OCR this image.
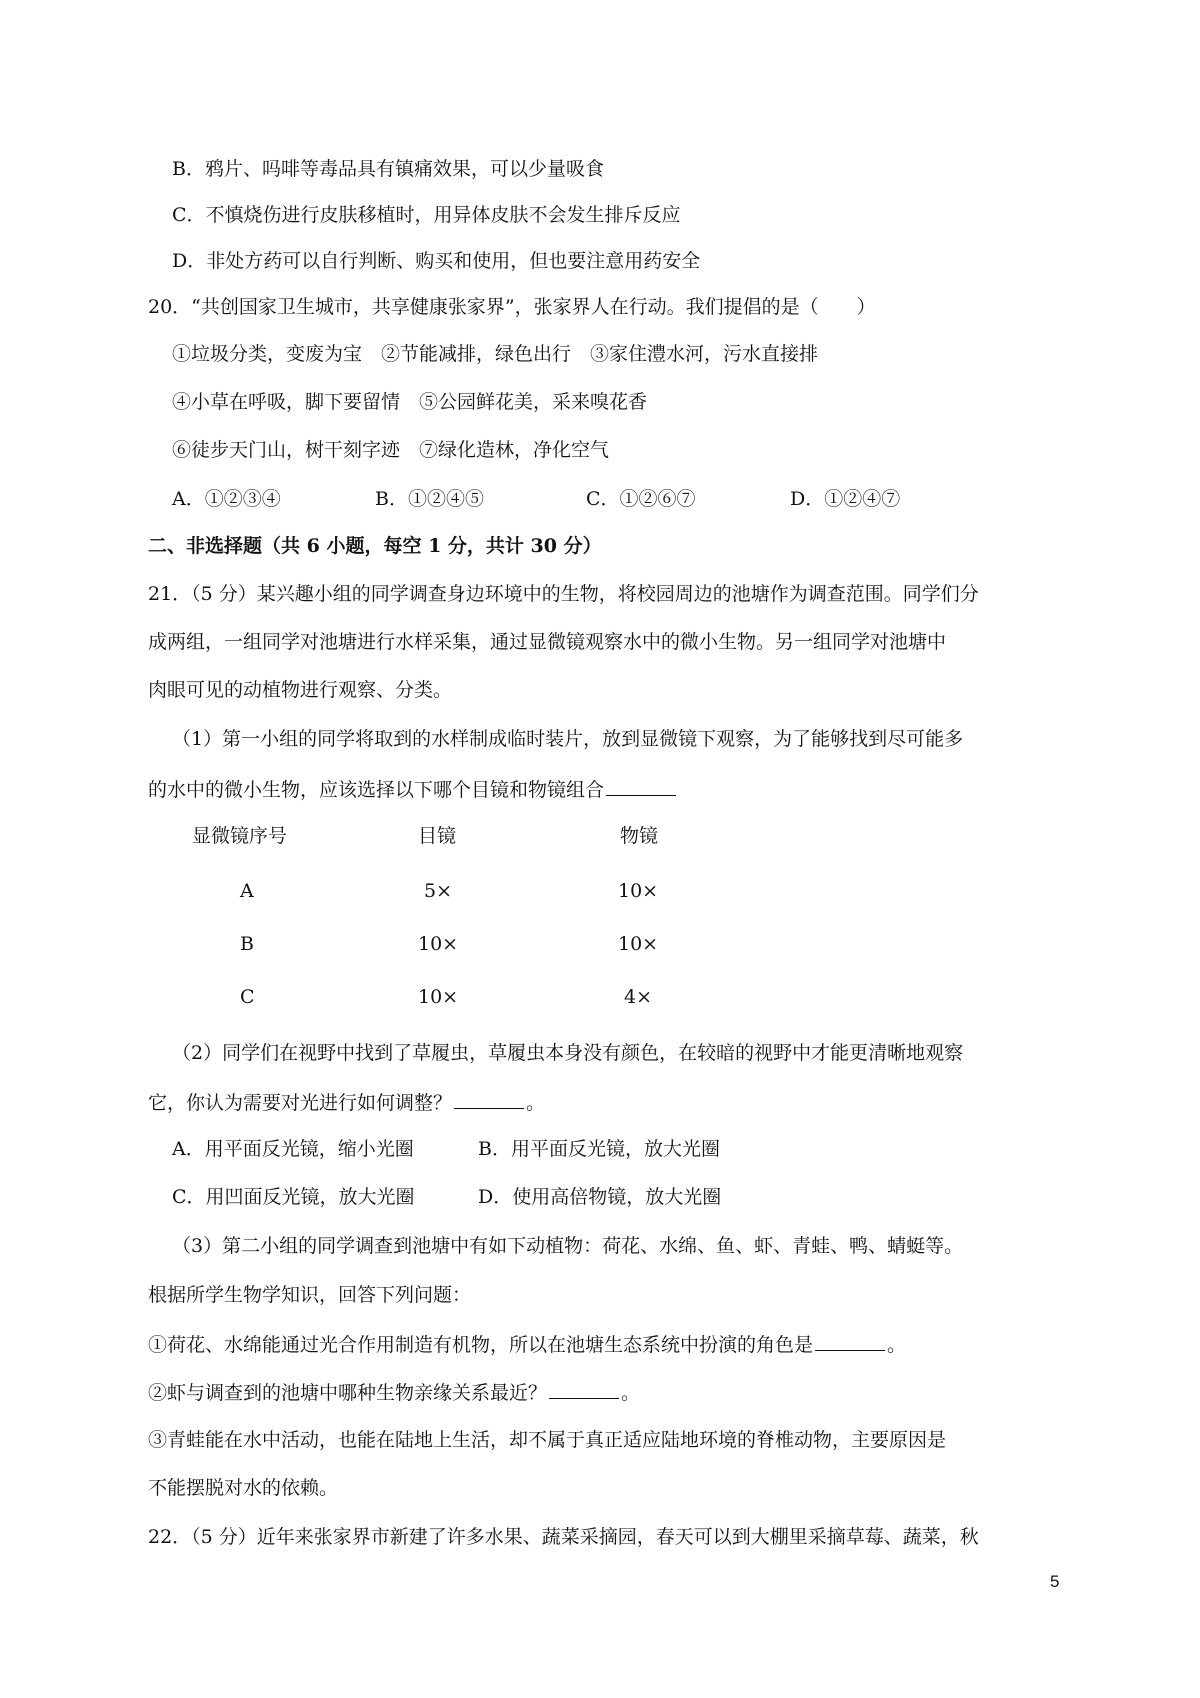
B．鸦片、吗啡等毒品具有镇痛效果，可以少量吸食
C．不慎烧伤进行皮肤移植时，用异体皮肤不会发生排斥反应
D．非处方药可以自行判断、购买和使用，但也要注意用药安全
20．“共创国家卫生城市，共享健康张家界”，张家界人在行动。我们提倡的是（　　）
①垃圾分类，变废为宝　②节能减排，绿色出行　③家住澧水河，污水直接排
④小草在呼吸，脚下要留情　⑤公园鲜花美，采来嗅花香
⑥徒步天门山，树干刻字迹　⑦绿化造林，净化空气
A．①②③④	B．①②④⑤	C．①②⑥⑦	D．①②④⑦
二、非选择题（共 6 小题，每空 1 分，共计 30 分）
21．（5 分）某兴趣小组的同学调查身边环境中的生物，将校园周边的池塘作为调查范围。同学们分
成两组，一组同学对池塘进行水样采集，通过显微镜观察水中的微小生物。另一组同学对池塘中
肉眼可见的动植物进行观察、分类。
（1）第一小组的同学将取到的水样制成临时装片，放到显微镜下观察，为了能够找到尽可能多
的水中的微小生物，应该选择以下哪个目镜和物镜组合
显微镜序号	目镜	物镜
A	5×	10×
B	10×	10×
C	10×	4×
（2）同学们在视野中找到了草履虫，草履虫本身没有颜色，在较暗的视野中才能更清晰地观察
它，你认为需要对光进行如何调整？	。
A．用平面反光镜，缩小光圈	B．用平面反光镜，放大光圈
C．用凹面反光镜，放大光圈	D．使用高倍物镜，放大光圈
（3）第二小组的同学调查到池塘中有如下动植物：荷花、水绵、鱼、虾、青蛙、鸭、蜻蜓等。
根据所学生物学知识，回答下列问题：
①荷花、水绵能通过光合作用制造有机物，所以在池塘生态系统中扮演的角色是	。
②虾与调查到的池塘中哪种生物亲缘关系最近？	。
③青蛙能在水中活动，也能在陆地上生活，却不属于真正适应陆地环境的脊椎动物，主要原因是
不能摆脱对水的依赖。
22．（5 分）近年来张家界市新建了许多水果、蔬菜采摘园，春天可以到大棚里采摘草莓、蔬菜，秋
5
